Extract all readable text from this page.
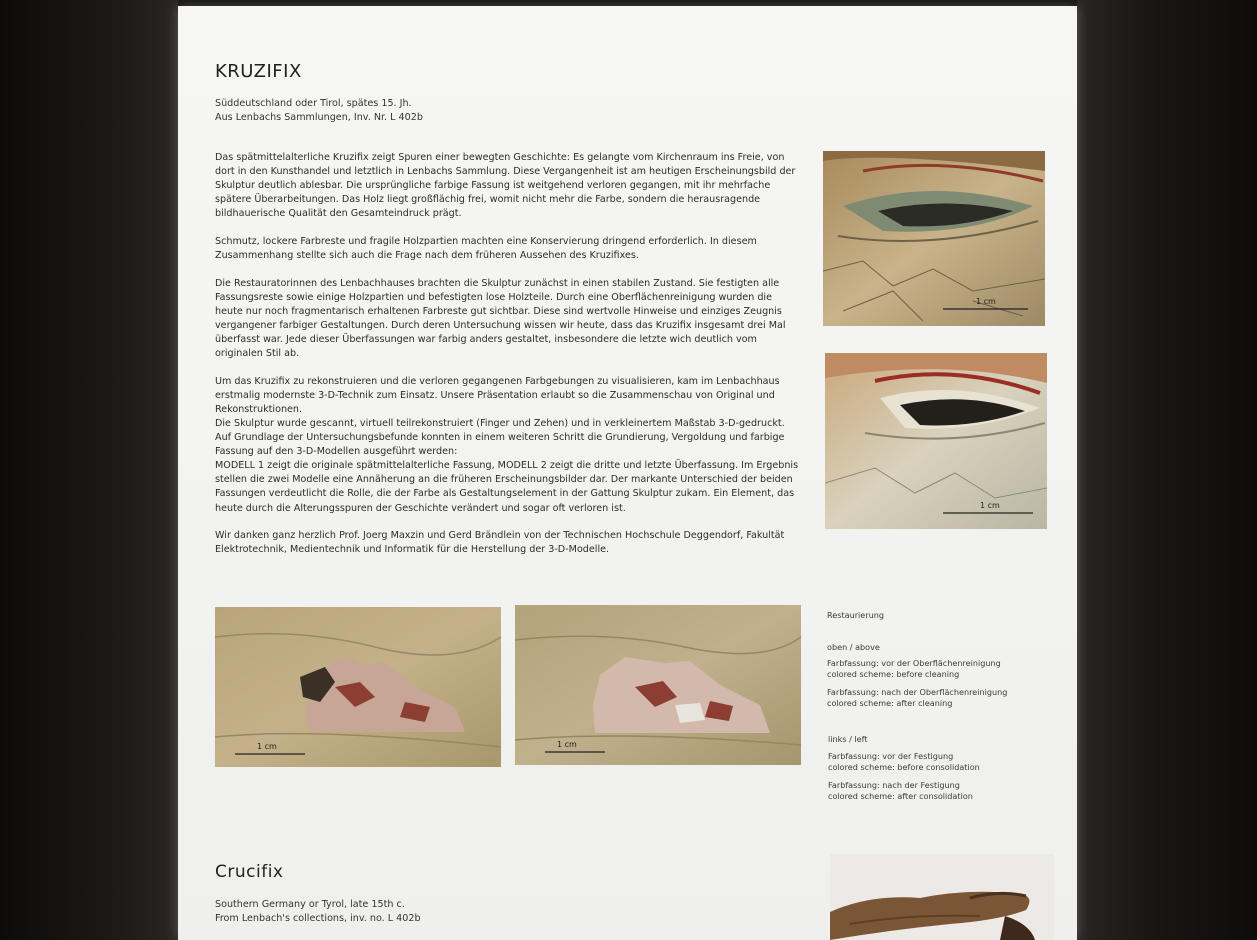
KRUZIFIX
Süddeutschland oder Tirol, spätes 15. Jh.
Aus Lenbachs Sammlungen, Inv. Nr. L 402b

Das spätmittelalterliche Kruzifix zeigt Spuren einer bewegten Geschichte: Es gelangte vom Kirchenraum ins Freie, von dort in den Kunsthandel und letztlich in Lenbachs Sammlung. Diese Vergangenheit ist am heutigen Erscheinungsbild der Skulptur deutlich ablesbar. Die ursprüngliche farbige Fassung ist weitgehend verloren gegangen, mit ihr mehrfache spätere Überarbeitungen. Das Holz liegt großflächig frei, womit nicht mehr die Farbe, sondern die herausragende bildhauerische Qualität den Gesamteindruck prägt.

Schmutz, lockere Farbreste und fragile Holzpartien machten eine Konservierung dringend erforderlich. In diesem Zusammenhang stellte sich auch die Frage nach dem früheren Aussehen des Kruzifixes.

Die Restauratorinnen des Lenbachhauses brachten die Skulptur zunächst in einen stabilen Zustand. Sie festigten alle Fassungsreste sowie einige Holzpartien und befestigten lose Holzteile. Durch eine Oberflächenreinigung wurden die heute nur noch fragmentarisch erhaltenen Farbreste gut sichtbar. Diese sind wertvolle Hinweise und einziges Zeugnis vergangener farbiger Gestaltungen. Durch deren Untersuchung wissen wir heute, dass das Kruzifix insgesamt drei Mal überfasst war. Jede dieser Überfassungen war farbig anders gestaltet, insbesondere die letzte wich deutlich vom originalen Stil ab.

Um das Kruzifix zu rekonstruieren und die verloren gegangenen Farbgebungen zu visualisieren, kam im Lenbachhaus erstmalig modernste 3-D-Technik zum Einsatz. Unsere Präsentation erlaubt so die Zusammenschau von Original und Rekonstruktionen.
Die Skulptur wurde gescannt, virtuell teilrekonstruiert (Finger und Zehen) und in verkleinertem Maßstab 3-D-gedruckt. Auf Grundlage der Untersuchungsbefunde konnten in einem weiteren Schritt die Grundierung, Vergoldung und farbige Fassung auf den 3-D-Modellen ausgeführt werden:
MODELL 1 zeigt die originale spätmittelalterliche Fassung, MODELL 2 zeigt die dritte und letzte Überfassung. Im Ergebnis stellen die zwei Modelle eine Annäherung an die früheren Erscheinungsbilder dar. Der markante Unterschied der beiden Fassungen verdeutlicht die Rolle, die der Farbe als Gestaltungselement in der Gattung Skulptur zukam. Ein Element, das heute durch die Alterungsspuren der Geschichte verändert und sogar oft verloren ist.

Wir danken ganz herzlich Prof. Joerg Maxzin und Gerd Brändlein von der Technischen Hochschule Deggendorf, Fakultät Elektrotechnik, Medientechnik und Informatik für die Herstellung der 3-D-Modelle.

1 cm
1 cm
1 cm	1 cm
Restaurierung
oben / above
Farbfassung: vor der Oberflächenreinigung
colored scheme: before cleaning
Farbfassung: nach der Oberflächenreinigung
colored scheme: after cleaning
links / left
Farbfassung: vor der Festigung
colored scheme: before consolidation
Farbfassung: nach der Festigung
colored scheme: after consolidation
Crucifix
Southern Germany or Tyrol, late 15th c.
From Lenbach's collections, inv. no. L 402b
